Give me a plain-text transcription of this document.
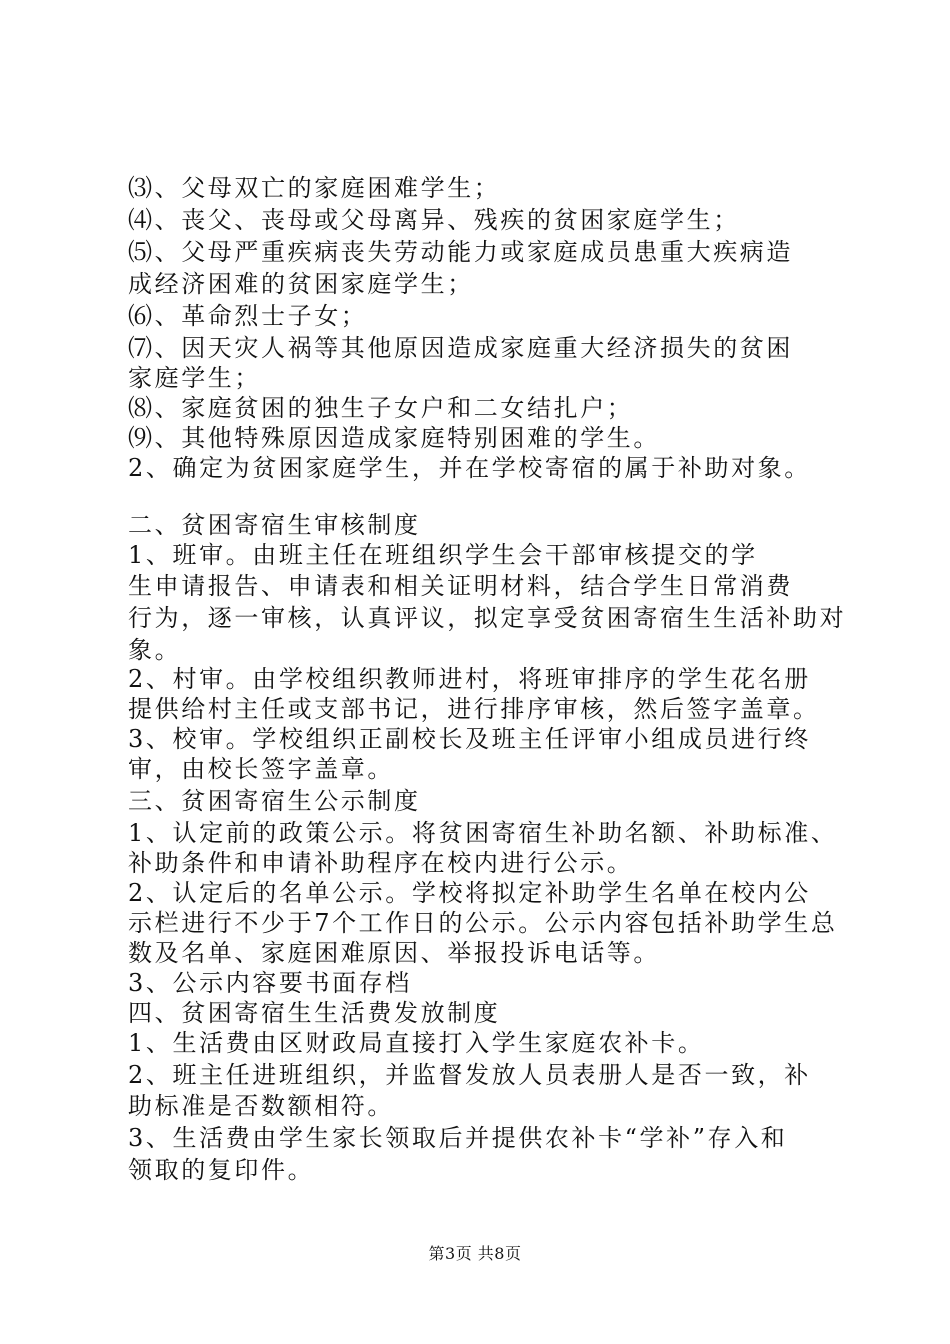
⑶、父母双亡的家庭困难学生；
⑷、丧父、丧母或父母离异、残疾的贫困家庭学生；
⑸、父母严重疾病丧失劳动能力或家庭成员患重大疾病造
成经济困难的贫困家庭学生；
⑹、革命烈士子女；
⑺、因天灾人祸等其他原因造成家庭重大经济损失的贫困
家庭学生；
⑻、家庭贫困的独生子女户和二女结扎户；
⑼、其他特殊原因造成家庭特别困难的学生。
2、确定为贫困家庭学生，并在学校寄宿的属于补助对象。
二、贫困寄宿生审核制度
1、班审。由班主任在班组织学生会干部审核提交的学
生申请报告、申请表和相关证明材料，结合学生日常消费
行为，逐一审核，认真评议，拟定享受贫困寄宿生生活补助对
象。
2、村审。由学校组织教师进村，将班审排序的学生花名册
提供给村主任或支部书记，进行排序审核，然后签字盖章。
3、校审。学校组织正副校长及班主任评审小组成员进行终
审，由校长签字盖章。
三、贫困寄宿生公示制度
1、认定前的政策公示。将贫困寄宿生补助名额、补助标准、
补助条件和申请补助程序在校内进行公示。
2、认定后的名单公示。学校将拟定补助学生名单在校内公
示栏进行不少于7个工作日的公示。公示内容包括补助学生总
数及名单、家庭困难原因、举报投诉电话等。
3、公示内容要书面存档
四、贫困寄宿生生活费发放制度
1、生活费由区财政局直接打入学生家庭农补卡。
2、班主任进班组织，并监督发放人员表册人是否一致，补
助标准是否数额相符。
3、生活费由学生家长领取后并提供农补卡“学补”存入和
领取的复印件。
第3页 共8页
